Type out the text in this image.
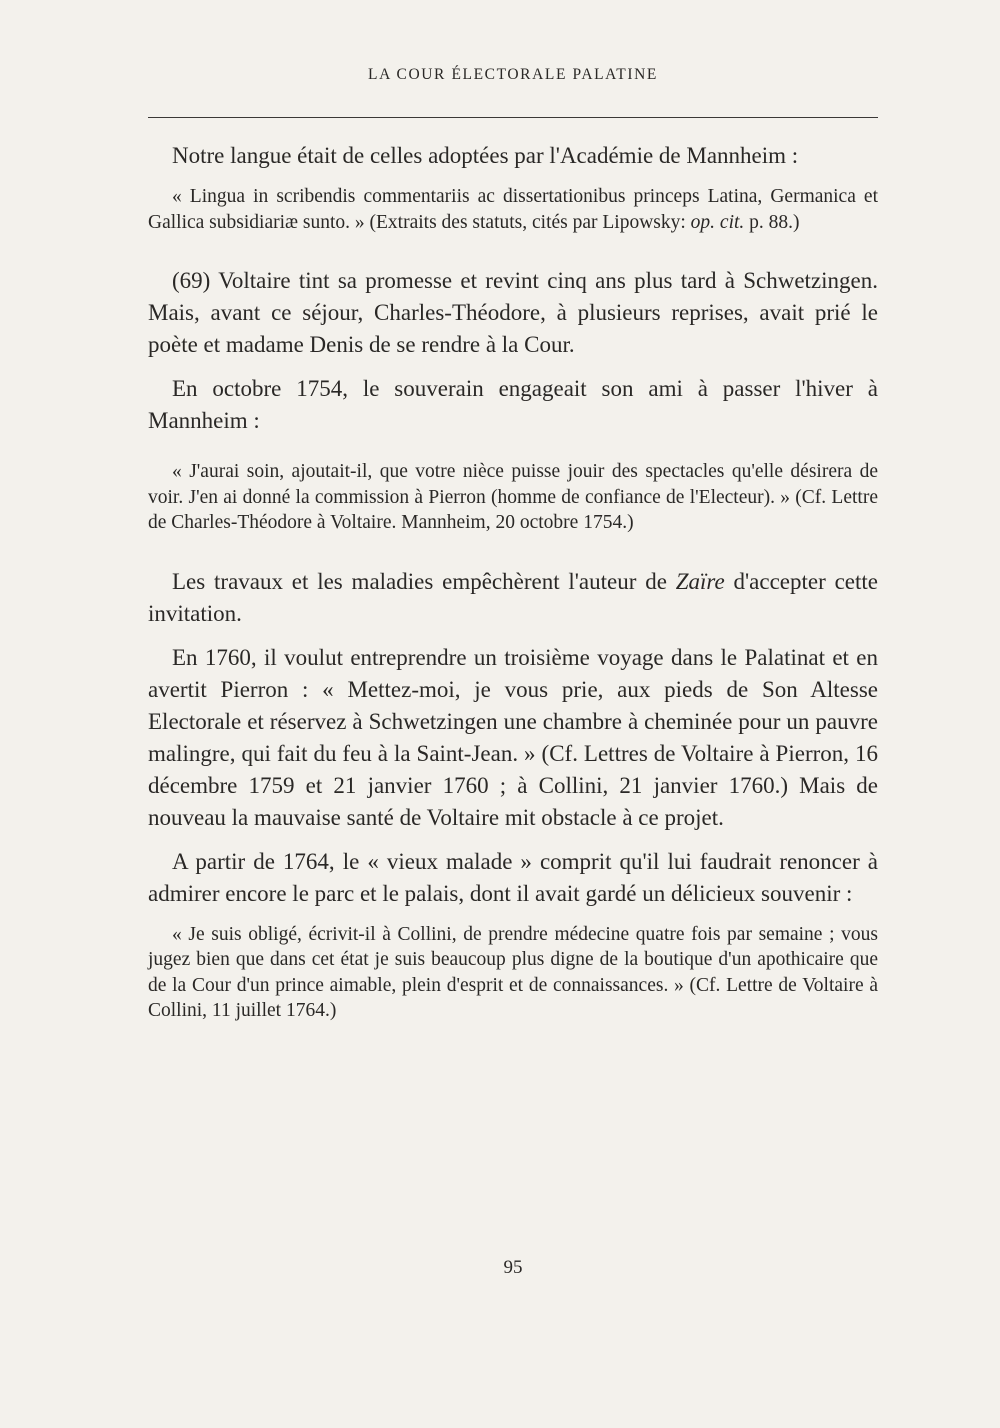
LA COUR ÉLECTORALE PALATINE

Notre langue était de celles adoptées par l'Académie de Mannheim :

« Lingua in scribendis commentariis ac dissertationibus princeps Latina, Germanica et Gallica subsidiariæ sunto. » (Extraits des statuts, cités par Lipowsky: op. cit. p. 88.)

(69) Voltaire tint sa promesse et revint cinq ans plus tard à Schwetzingen. Mais, avant ce séjour, Charles-Théodore, à plusieurs reprises, avait prié le poète et madame Denis de se rendre à la Cour.

En octobre 1754, le souverain engageait son ami à passer l'hiver à Mannheim :

« J'aurai soin, ajoutait-il, que votre nièce puisse jouir des spectacles qu'elle désirera de voir. J'en ai donné la commission à Pierron (homme de confiance de l'Electeur). » (Cf. Lettre de Charles-Théodore à Voltaire. Mannheim, 20 octobre 1754.)

Les travaux et les maladies empêchèrent l'auteur de Zaïre d'accepter cette invitation.

En 1760, il voulut entreprendre un troisième voyage dans le Palatinat et en avertit Pierron : « Mettez-moi, je vous prie, aux pieds de Son Altesse Electorale et réservez à Schwetzingen une chambre à cheminée pour un pauvre malingre, qui fait du feu à la Saint-Jean. » (Cf. Lettres de Voltaire à Pierron, 16 décembre 1759 et 21 janvier 1760 ; à Collini, 21 janvier 1760.) Mais de nouveau la mauvaise santé de Voltaire mit obstacle à ce projet.

A partir de 1764, le « vieux malade » comprit qu'il lui faudrait renoncer à admirer encore le parc et le palais, dont il avait gardé un délicieux souvenir :

« Je suis obligé, écrivit-il à Collini, de prendre médecine quatre fois par semaine ; vous jugez bien que dans cet état je suis beaucoup plus digne de la boutique d'un apothicaire que de la Cour d'un prince aimable, plein d'esprit et de connaissances. » (Cf. Lettre de Voltaire à Collini, 11 juillet 1764.)

95
